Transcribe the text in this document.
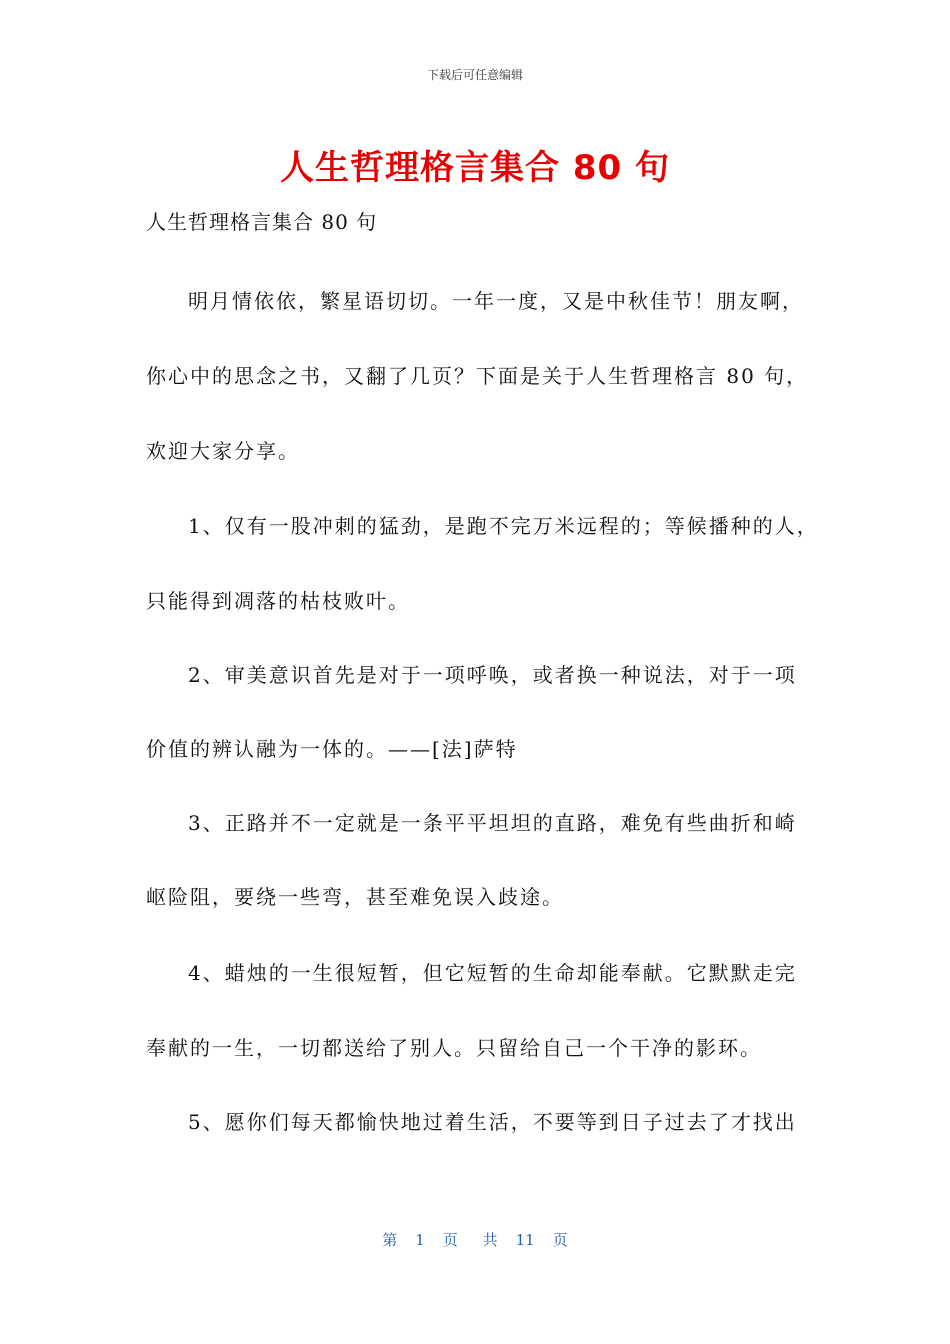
下载后可任意编辑
人生哲理格言集合 80 句
人生哲理格言集合 80 句
明月情依依，繁星语切切。一年一度，又是中秋佳节！朋友啊，
你心中的思念之书，又翻了几页？下面是关于人生哲理格言 80 句，
欢迎大家分享。
1、仅有一股冲刺的猛劲，是跑不完万米远程的；等候播种的人，
只能得到凋落的枯枝败叶。
2、审美意识首先是对于一项呼唤，或者换一种说法，对于一项
价值的辨认融为一体的。——[法]萨特
3、正路并不一定就是一条平平坦坦的直路，难免有些曲折和崎
岖险阻，要绕一些弯，甚至难免误入歧途。
4、蜡烛的一生很短暂，但它短暂的生命却能奉献。它默默走完
奉献的一生，一切都送给了别人。只留给自己一个干净的影环。
5、愿你们每天都愉快地过着生活，不要等到日子过去了才找出
第 1 页 共 11 页
